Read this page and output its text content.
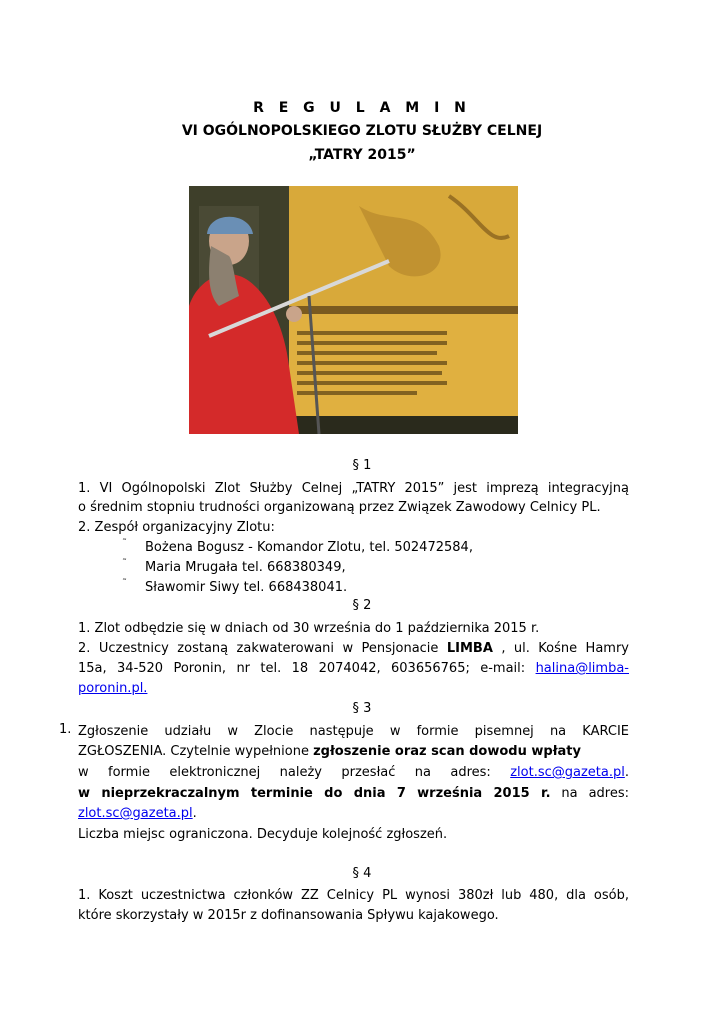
R E G U L A M I N
VI OGÓLNOPOLSKIEGO ZLOTU SŁUŻBY CELNEJ
„TATRY 2015”
§ 1
1. VI Ogólnopolski Zlot Służby Celnej „TATRY 2015” jest imprezą integracyjną
o średnim stopniu trudności organizowaną przez Związek Zawodowy Celnicy PL.
2. Zespół organizacyjny Zlotu:
˜ Bożena Bogusz - Komandor Zlotu, tel. 502472584,
˜ Maria Mrugała tel. 668380349,
˜ Sławomir Siwy tel. 668438041.
§ 2
1. Zlot odbędzie się w dniach od 30 września do 1 października 2015 r.
2. Uczestnicy zostaną zakwaterowani w Pensjonacie LIMBA , ul. Kośne Hamry
15a, 34-520 Poronin, nr tel. 18 2074042, 603656765; e-mail: halina@limba-
poronin.pl.
§ 3
1. Zgłoszenie udziału w Zlocie następuje w formie pisemnej na KARCIE
ZGŁOSZENIA. Czytelnie wypełnione zgłoszenie oraz scan dowodu wpłaty
w formie elektronicznej należy przesłać na adres: zlot.sc@gazeta.pl.
w nieprzekraczalnym terminie do dnia 7 września 2015 r. na adres:
zlot.sc@gazeta.pl.
Liczba miejsc ograniczona. Decyduje kolejność zgłoszeń.
§ 4
1. Koszt uczestnictwa członków ZZ Celnicy PL wynosi 380zł lub 480, dla osób,
które skorzystały w 2015r z dofinansowania Spływu kajakowego.
